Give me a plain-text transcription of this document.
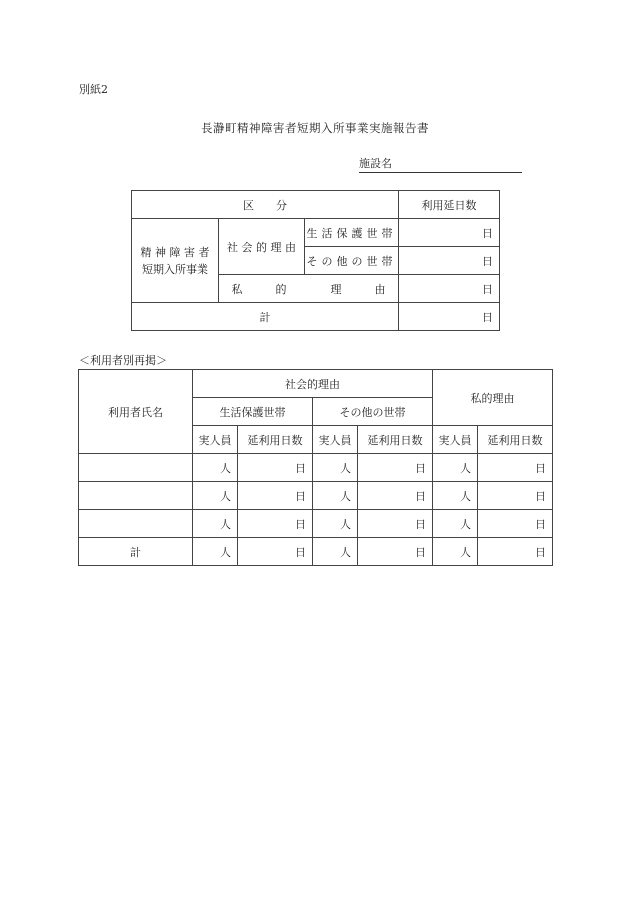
別紙2
長瀞町精神障害者短期入所事業実施報告書
施設名
区　　分			利用延日数
精 神 障 害 者
短期入所事業	社 会 的 理 由	生活保護世帯	日
		その他の世帯	日
	私　　　的　　　　理　　　由		日
計			日
＜利用者別再掲＞
利用者氏名	社会的理由				私的理由	
	生活保護世帯		その他の世帯			
	実人員	延利用日数	実人員	延利用日数	実人員	延利用日数
	人	日	人	日	人	日
	人	日	人	日	人	日
	人	日	人	日	人	日
計	人	日	人	日	人	日
